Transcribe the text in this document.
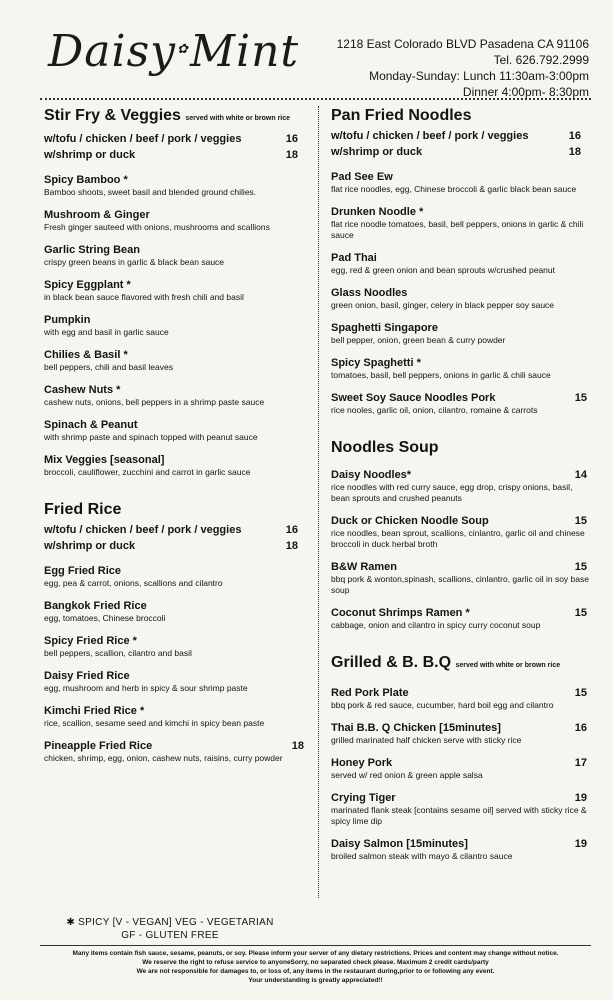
Daisy✿Mint	1218 East Colorado BLVD Pasadena CA 91106
Tel. 626.792.2999
Monday-Sunday: Lunch 11:30am-3:00pm
Dinner 4:00pm- 8:30pm
Stir Fry & Veggies served with white or brown rice
w/tofu / chicken / beef / pork / veggies	16
w/shrimp or duck	18
Spicy Bamboo *
Bamboo shoots, sweet basil and blended ground chilies.
Mushroom & Ginger
Fresh ginger sauteed with onions, mushrooms and scallions
Garlic String Bean
crispy green beans in garlic & black bean sauce
Spicy Eggplant *
in black bean sauce flavored with fresh chili and basil
Pumpkin
with egg and basil in garlic sauce
Chilies & Basil *
bell peppers, chili and basil leaves
Cashew Nuts *
cashew nuts, onions, bell peppers in a shrimp paste sauce
Spinach & Peanut
with shrimp paste and spinach topped with peanut sauce
Mix Veggies [seasonal]
broccoli, cauliflower, zucchini and carrot in garlic sauce
Fried Rice
w/tofu / chicken / beef / pork / veggies	16
w/shrimp or duck	18
Egg Fried Rice
egg, pea & carrot, onions, scallions and cilantro
Bangkok Fried Rice
egg, tomatoes, Chinese broccoli
Spicy Fried Rice *
bell peppers, scallion, cilantro and basil
Daisy Fried Rice
egg, mushroom and herb in spicy & sour shrimp paste
Kimchi Fried Rice *
rice, scallion, sesame seed and kimchi in spicy bean paste
Pineapple Fried Rice	18
chicken, shrimp, egg, onion, cashew nuts, raisins, curry powder
Pan Fried Noodles
w/tofu / chicken / beef / pork / veggies	16
w/shrimp or duck	18
Pad See Ew
flat rice noodles, egg, Chinese broccoli & garlic black bean sauce
Drunken Noodle *
flat rice noodle tomatoes, basil, bell peppers, onions in garlic & chili sauce
Pad Thai
egg, red & green onion and bean sprouts w/crushed peanut
Glass Noodles
green onion, basil, ginger, celery in black pepper soy sauce
Spaghetti Singapore
bell pepper, onion, green bean & curry powder
Spicy Spaghetti *
tomatoes, basil, bell peppers, onions in garlic & chili sauce
Sweet Soy Sauce Noodles Pork	15
rice nooles, garlic oil, onion, cilantro, romaine & carrots
Noodles Soup
Daisy Noodles*	14
rice noodles with red curry sauce, egg drop, crispy onions, basil, bean sprouts and crushed peanuts
Duck or Chicken Noodle Soup	15
rice noodles, bean sprout, scallions, cinlantro, garlic oil and chinese broccoli in duck herbal broth
B&W Ramen	15
bbq pork & wonton,spinash, scallions, cinlantro, garlic oil in soy base soup
Coconut Shrimps Ramen *	15
cabbage, onion and cilantro in spicy curry coconut soup
Grilled & B. B.Q served with white or brown rice
Red Pork Plate	15
bbq pork & red sauce, cucumber, hard boil egg and cilantro
Thai B.B. Q Chicken [15minutes]	16
grilled marinated half chicken serve with sticky rice
Honey Pork	17
served w/ red onion & green apple salsa
Crying Tiger	19
marinated flank steak [contains sesame oil] served with sticky rice & spicy lime dip
Daisy Salmon [15minutes]	19
broiled salmon steak with mayo & cilantro sauce
✱ SPICY [V - VEGAN] VEG - VEGETARIAN
GF - GLUTEN FREE
Many items contain fish sauce, sesame, peanuts, or soy. Please inform your server of any dietary restrictions. Prices and content may change without notice.
We reserve the right to refuse service to anyoneSorry, no separated check please. Maximum 2 credit cards/party
We are not responsible for damages to, or loss of, any items in the restaurant during,prior to or following any event.
Your understanding is greatly appreciated!!
